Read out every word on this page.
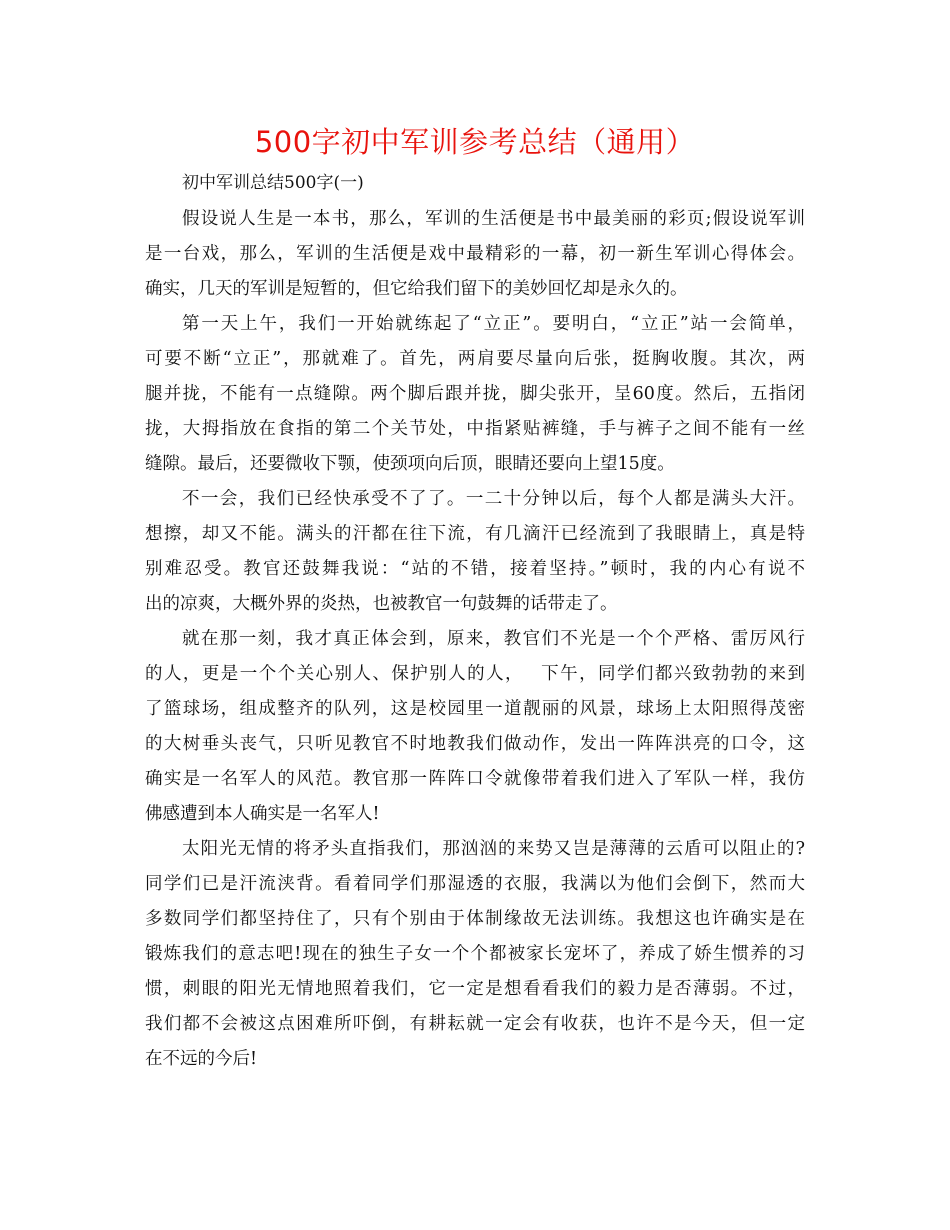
500字初中军训参考总结（通用）
初中军训总结500字(一)

假设说人生是一本书，那么，军训的生活便是书中最美丽的彩页;假设说军训
是一台戏，那么，军训的生活便是戏中最精彩的一幕，初一新生军训心得体会。
确实，几天的军训是短暂的，但它给我们留下的美妙回忆却是永久的。

第一天上午，我们一开始就练起了“立正”。要明白，“立正”站一会简单，
可要不断“立正”，那就难了。首先，两肩要尽量向后张，挺胸收腹。其次，两
腿并拢，不能有一点缝隙。两个脚后跟并拢，脚尖张开，呈60度。然后，五指闭
拢，大拇指放在食指的第二个关节处，中指紧贴裤缝，手与裤子之间不能有一丝
缝隙。最后，还要微收下颚，使颈项向后顶，眼睛还要向上望15度。

不一会，我们已经快承受不了了。一二十分钟以后，每个人都是满头大汗。
想擦，却又不能。满头的汗都在往下流，有几滴汗已经流到了我眼睛上，真是特
别难忍受。教官还鼓舞我说：“站的不错，接着坚持。”顿时，我的内心有说不
出的凉爽，大概外界的炎热，也被教官一句鼓舞的话带走了。

就在那一刻，我才真正体会到，原来，教官们不光是一个个严格、雷厉风行
的人，更是一个个关心别人、保护别人的人，　 下午，同学们都兴致勃勃的来到
了篮球场，组成整齐的队列，这是校园里一道靓丽的风景，球场上太阳照得茂密
的大树垂头丧气，只听见教官不时地教我们做动作，发出一阵阵洪亮的口令，这
确实是一名军人的风范。教官那一阵阵口令就像带着我们进入了军队一样，我仿
佛感遭到本人确实是一名军人!

太阳光无情的将矛头直指我们，那汹汹的来势又岂是薄薄的云盾可以阻止的?
同学们已是汗流浃背。看着同学们那湿透的衣服，我满以为他们会倒下，然而大
多数同学们都坚持住了，只有个别由于体制缘故无法训练。我想这也许确实是在
锻炼我们的意志吧!现在的独生子女一个个都被家长宠坏了，养成了娇生惯养的习
惯，刺眼的阳光无情地照着我们，它一定是想看看我们的毅力是否薄弱。不过，
我们都不会被这点困难所吓倒，有耕耘就一定会有收获，也许不是今天，但一定
在不远的今后!
